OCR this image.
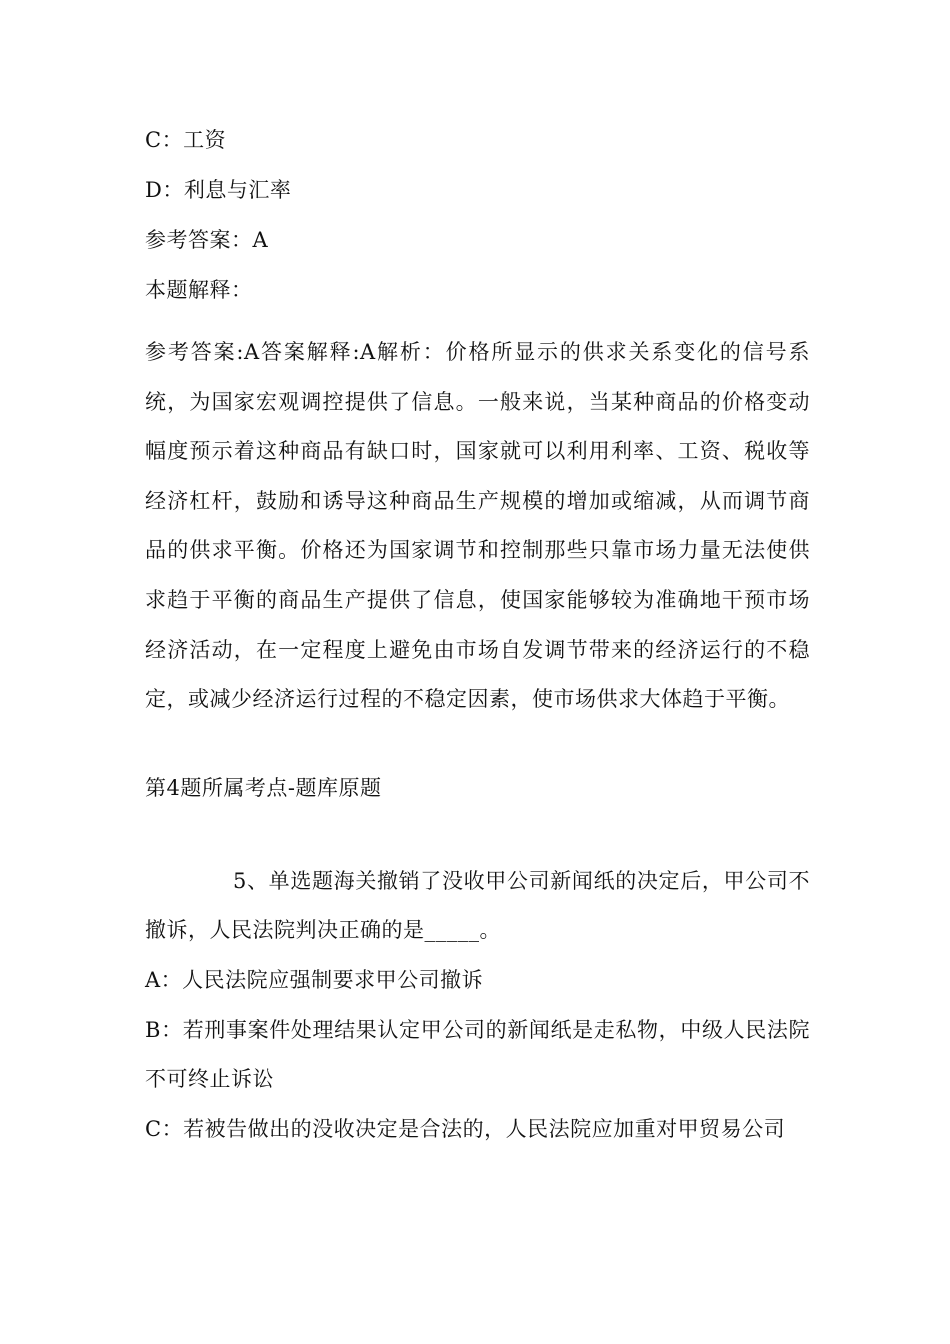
C：工资
D：利息与汇率
参考答案：A
本题解释：

参考答案:A答案解释:A解析：价格所显示的供求关系变化的信号系统，为国家宏观调控提供了信息。一般来说，当某种商品的价格变动幅度预示着这种商品有缺口时，国家就可以利用利率、工资、税收等经济杠杆，鼓励和诱导这种商品生产规模的增加或缩减，从而调节商品的供求平衡。价格还为国家调节和控制那些只靠市场力量无法使供求趋于平衡的商品生产提供了信息，使国家能够较为准确地干预市场经济活动，在一定程度上避免由市场自发调节带来的经济运行的不稳定，或减少经济运行过程的不稳定因素，使市场供求大体趋于平衡。

第4题所属考点-题库原题

5、单选题海关撤销了没收甲公司新闻纸的决定后，甲公司不撤诉，人民法院判决正确的是_____。

A：人民法院应强制要求甲公司撤诉

B：若刑事案件处理结果认定甲公司的新闻纸是走私物，中级人民法院不可终止诉讼

C：若被告做出的没收决定是合法的，人民法院应加重对甲贸易公司
